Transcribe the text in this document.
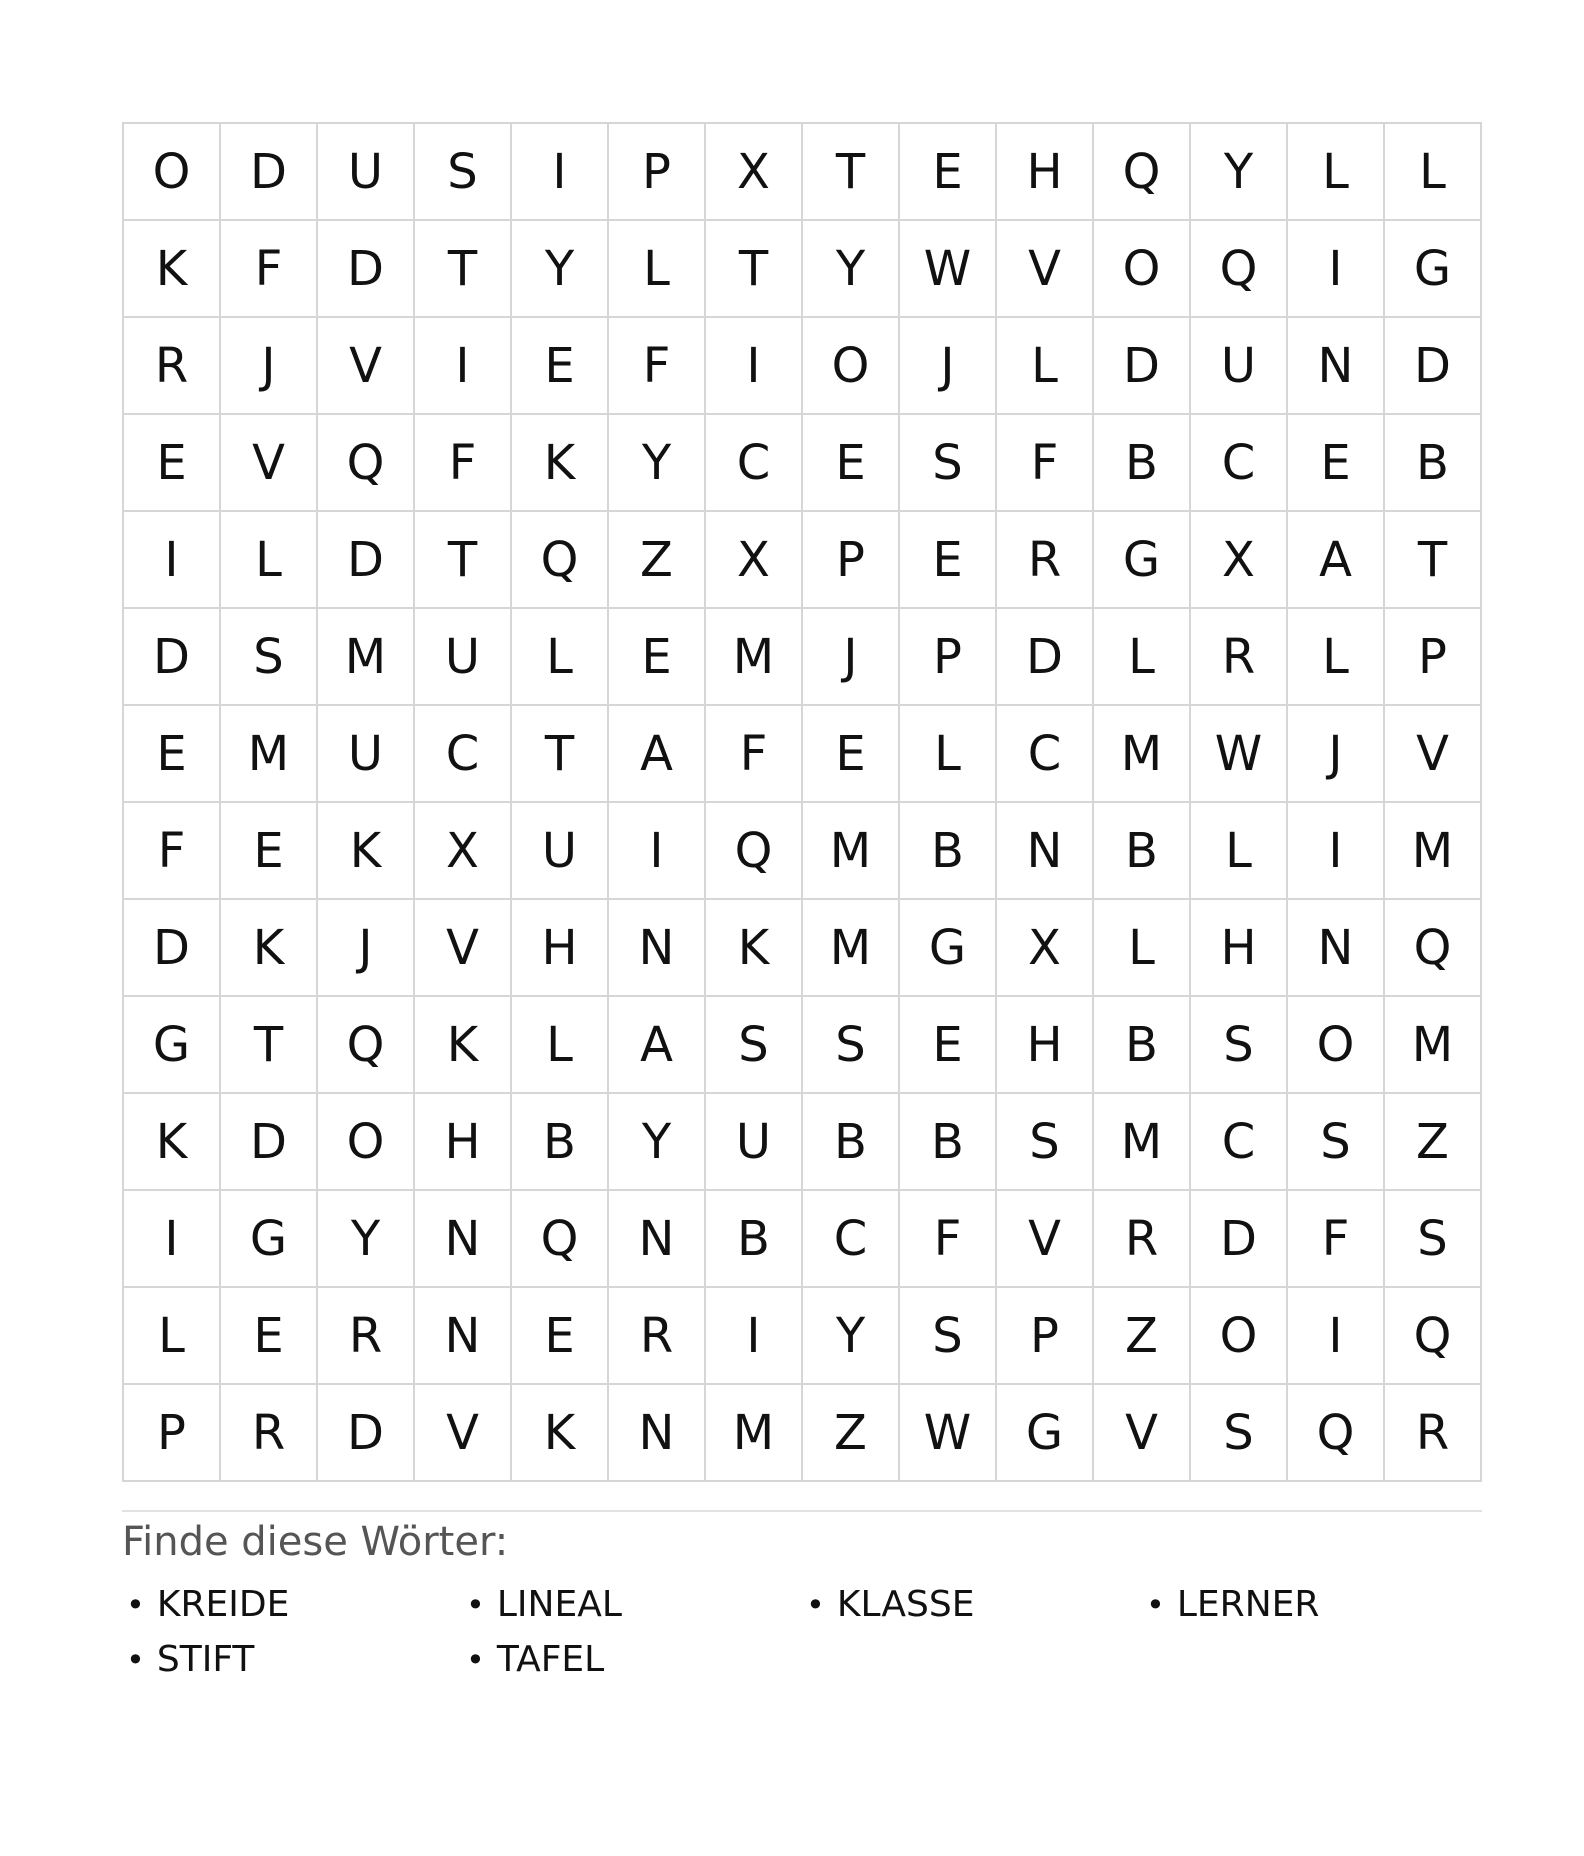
O	D	U	S	I	P	X	T	E	H	Q	Y	L	L
K	F	D	T	Y	L	T	Y	W	V	O	Q	I	G
R	J	V	I	E	F	I	O	J	L	D	U	N	D
E	V	Q	F	K	Y	C	E	S	F	B	C	E	B
I	L	D	T	Q	Z	X	P	E	R	G	X	A	T
D	S	M	U	L	E	M	J	P	D	L	R	L	P
E	M	U	C	T	A	F	E	L	C	M	W	J	V
F	E	K	X	U	I	Q	M	B	N	B	L	I	M
D	K	J	V	H	N	K	M	G	X	L	H	N	Q
G	T	Q	K	L	A	S	S	E	H	B	S	O	M
K	D	O	H	B	Y	U	B	B	S	M	C	S	Z
I	G	Y	N	Q	N	B	C	F	V	R	D	F	S
L	E	R	N	E	R	I	Y	S	P	Z	O	I	Q
P	R	D	V	K	N	M	Z	W	G	V	S	Q	R
Finde diese Wörter:
• KREIDE	• LINEAL	• KLASSE	• LERNER
• STIFT	• TAFEL
